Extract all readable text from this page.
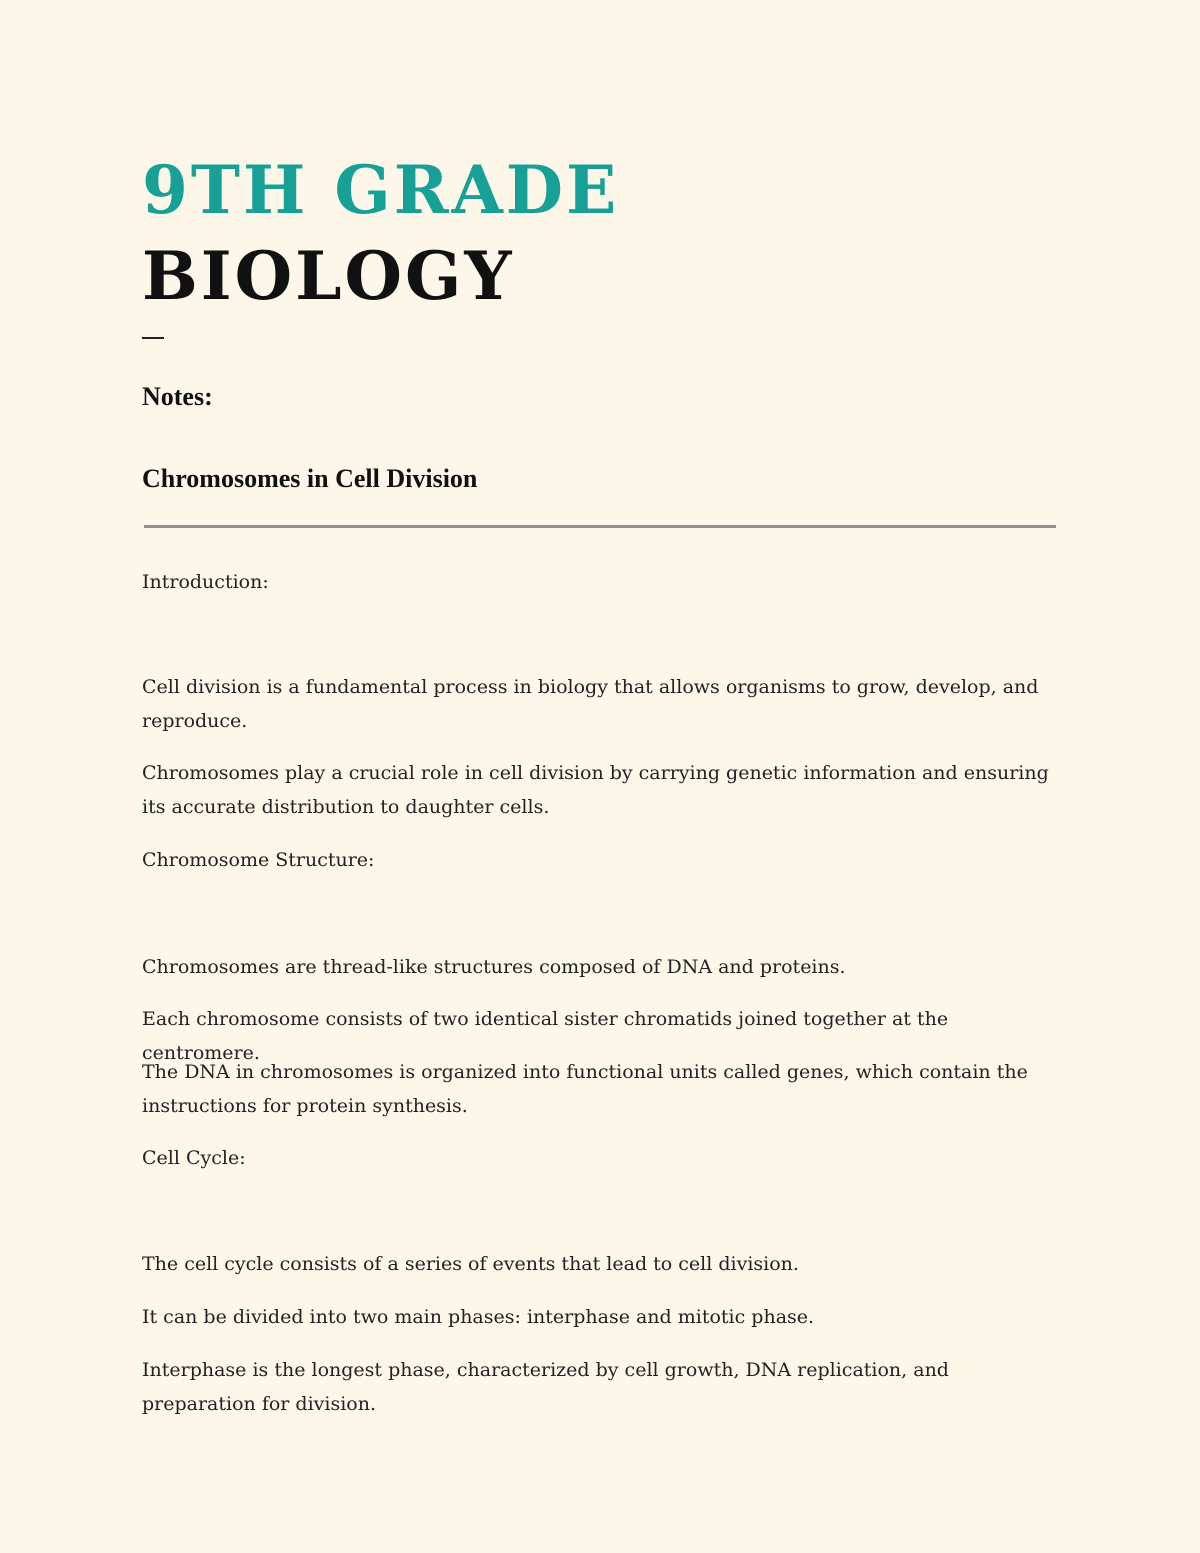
9TH GRADE
BIOLOGY
Notes:
Chromosomes in Cell Division
Introduction:
Cell division is a fundamental process in biology that allows organisms to grow, develop, and reproduce.
Chromosomes play a crucial role in cell division by carrying genetic information and ensuring its accurate distribution to daughter cells.
Chromosome Structure:
Chromosomes are thread-like structures composed of DNA and proteins.
Each chromosome consists of two identical sister chromatids joined together at the centromere.
The DNA in chromosomes is organized into functional units called genes, which contain the instructions for protein synthesis.
Cell Cycle:
The cell cycle consists of a series of events that lead to cell division.
It can be divided into two main phases: interphase and mitotic phase.
Interphase is the longest phase, characterized by cell growth, DNA replication, and preparation for division.
